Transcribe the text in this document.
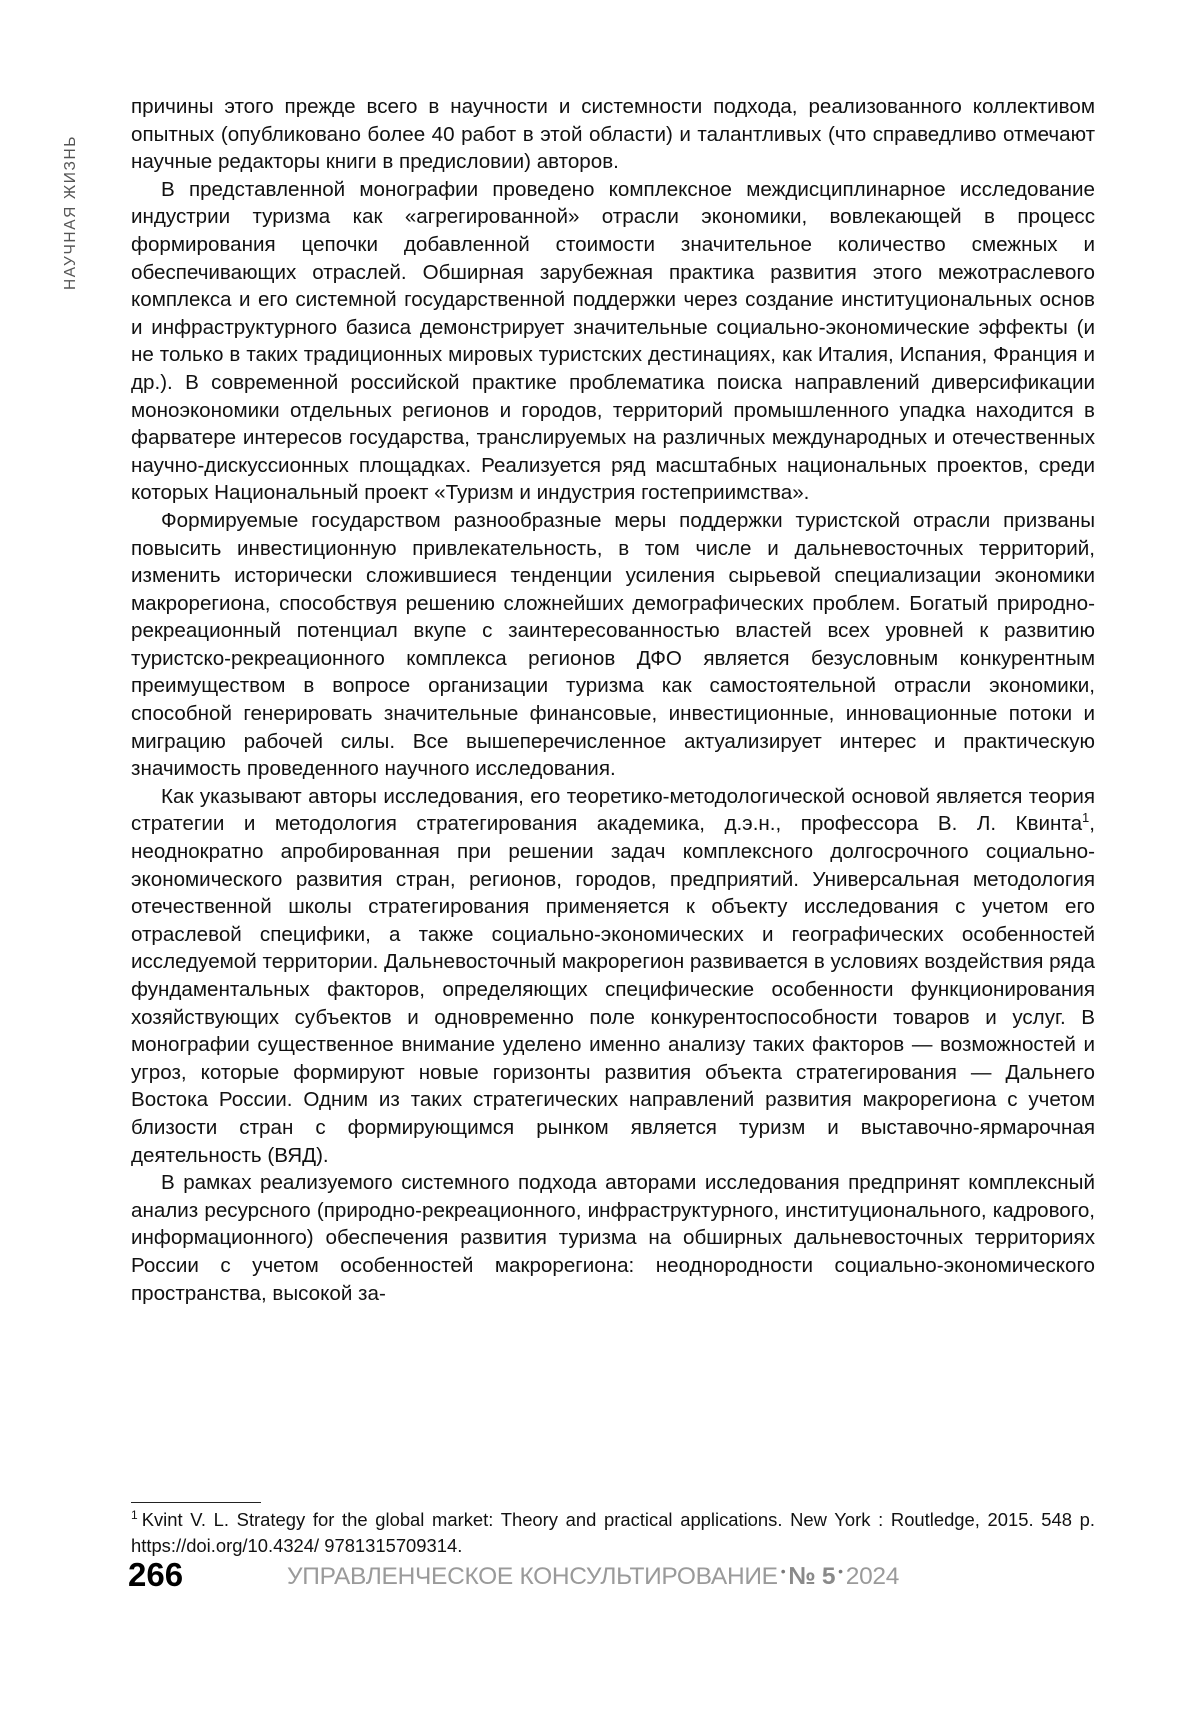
НАУЧНАЯ ЖИЗНЬ

причины этого прежде всего в научности и системности подхода, реализованного коллективом опытных (опубликовано более 40 работ в этой области) и талантливых (что справедливо отмечают научные редакторы книги в предисловии) авторов.

В представленной монографии проведено комплексное междисциплинарное исследование индустрии туризма как «агрегированной» отрасли экономики, вовлекающей в процесс формирования цепочки добавленной стоимости значительное количество смежных и обеспечивающих отраслей. Обширная зарубежная практика развития этого межотраслевого комплекса и его системной государственной поддержки через создание институциональных основ и инфраструктурного базиса демонстрирует значительные социально-экономические эффекты (и не только в таких традиционных мировых туристских дестинациях, как Италия, Испания, Франция и др.). В современной российской практике проблематика поиска направлений диверсификации моноэкономики отдельных регионов и городов, территорий промышленного упадка находится в фарватере интересов государства, транслируемых на различных международных и отечественных научно-дискуссионных площадках. Реализуется ряд масштабных национальных проектов, среди которых Национальный проект «Туризм и индустрия гостеприимства».

Формируемые государством разнообразные меры поддержки туристской отрасли призваны повысить инвестиционную привлекательность, в том числе и дальневосточных территорий, изменить исторически сложившиеся тенденции усиления сырьевой специализации экономики макрорегиона, способствуя решению сложнейших демографических проблем. Богатый природно-рекреационный потенциал вкупе с заинтересованностью властей всех уровней к развитию туристско-рекреационного комплекса регионов ДФО является безусловным конкурентным преимуществом в вопросе организации туризма как самостоятельной отрасли экономики, способной генерировать значительные финансовые, инвестиционные, инновационные потоки и миграцию рабочей силы. Все вышеперечисленное актуализирует интерес и практическую значимость проведенного научного исследования.

Как указывают авторы исследования, его теоретико-методологической основой является теория стратегии и методология стратегирования академика, д.э.н., профессора В. Л. Квинта$^1$, неоднократно апробированная при решении задач комплексного долгосрочного социально-экономического развития стран, регионов, городов, предприятий. Универсальная методология отечественной школы стратегирования применяется к объекту исследования с учетом его отраслевой специфики, а также социально-экономических и географических особенностей исследуемой территории. Дальневосточный макрорегион развивается в условиях воздействия ряда фундаментальных факторов, определяющих специфические особенности функционирования хозяйствующих субъектов и одновременно поле конкурентоспособности товаров и услуг. В монографии существенное внимание уделено именно анализу таких факторов — возможностей и угроз, которые формируют новые горизонты развития объекта стратегирования — Дальнего Востока России. Одним из таких стратегических направлений развития макрорегиона с учетом близости стран с формирующимся рынком является туризм и выставочно-ярмарочная деятельность (ВЯД).

В рамках реализуемого системного подхода авторами исследования предпринят комплексный анализ ресурсного (природно-рекреационного, инфраструктурного, институционального, кадрового, информационного) обеспечения развития туризма на обширных дальневосточных территориях России с учетом особенностей макрорегиона: неоднородности социально-экономического пространства, высокой за-

$^1$ Kvint V. L. Strategy for the global market: Theory and practical applications. New York : Routledge, 2015. 548 p. https://doi.org/10.4324/ 9781315709314.
266	УПРАВЛЕНЧЕСКОЕ КОНСУЛЬТИРОВАНИЕ • № 5 • 2024
